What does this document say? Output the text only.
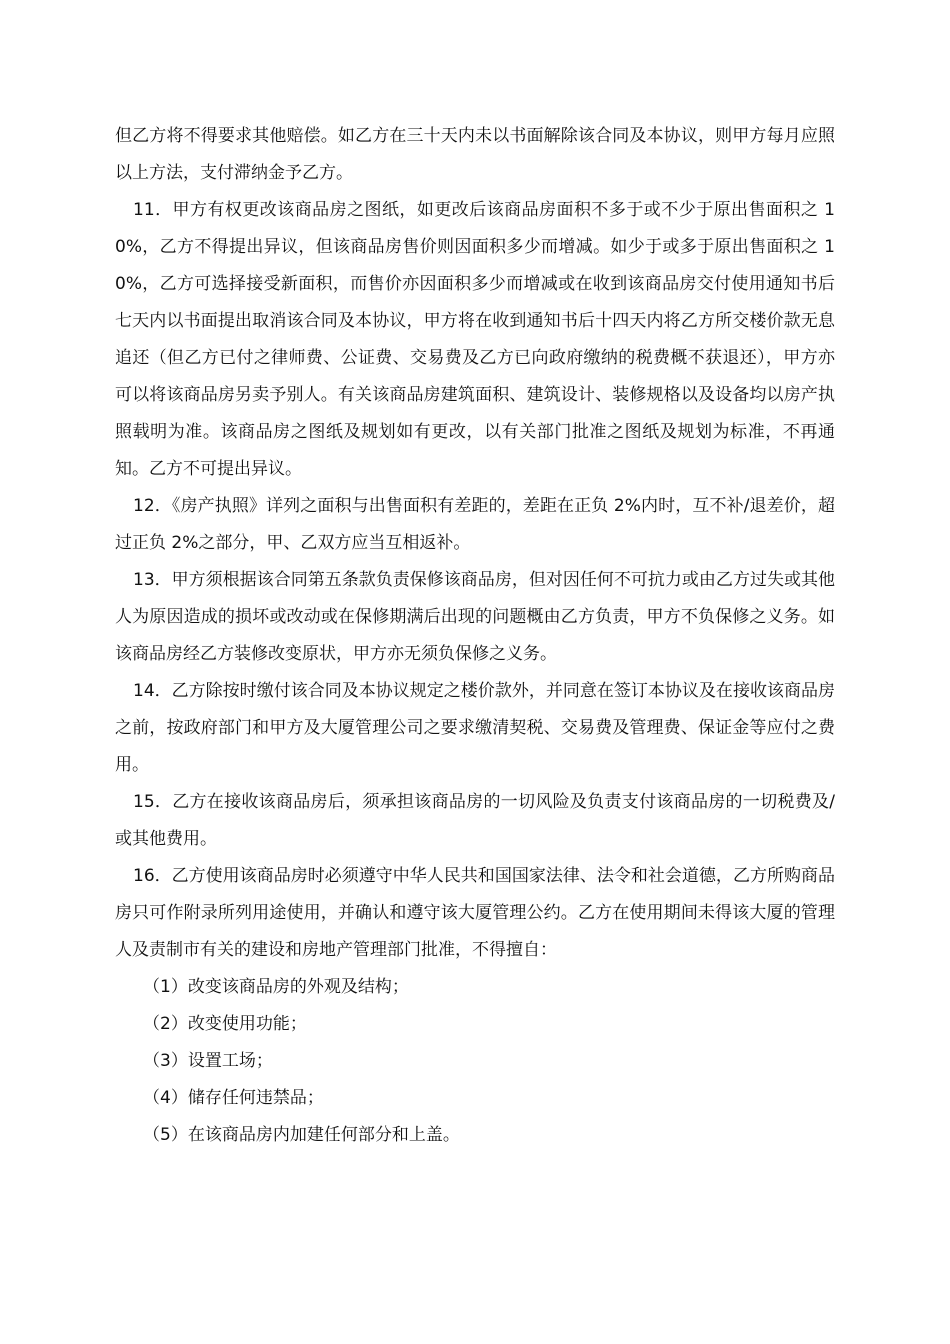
但乙方将不得要求其他赔偿。如乙方在三十天内未以书面解除该合同及本协议，则甲方每月应照以上方法，支付滞纳金予乙方。

11．甲方有权更改该商品房之图纸，如更改后该商品房面积不多于或不少于原出售面积之 10%，乙方不得提出异议，但该商品房售价则因面积多少而增减。如少于或多于原出售面积之 10%，乙方可选择接受新面积，而售价亦因面积多少而增减或在收到该商品房交付使用通知书后七天内以书面提出取消该合同及本协议，甲方将在收到通知书后十四天内将乙方所交楼价款无息追还（但乙方已付之律师费、公证费、交易费及乙方已向政府缴纳的税费概不获退还），甲方亦可以将该商品房另卖予别人。有关该商品房建筑面积、建筑设计、装修规格以及设备均以房产执照载明为准。该商品房之图纸及规划如有更改，以有关部门批准之图纸及规划为标准，不再通知。乙方不可提出异议。

12．《房产执照》详列之面积与出售面积有差距的，差距在正负 2%内时，互不补/退差价，超过正负 2%之部分，甲、乙双方应当互相返补。

13．甲方须根据该合同第五条款负责保修该商品房，但对因任何不可抗力或由乙方过失或其他人为原因造成的损坏或改动或在保修期满后出现的问题概由乙方负责，甲方不负保修之义务。如该商品房经乙方装修改变原状，甲方亦无须负保修之义务。

14．乙方除按时缴付该合同及本协议规定之楼价款外，并同意在签订本协议及在接收该商品房之前，按政府部门和甲方及大厦管理公司之要求缴清契税、交易费及管理费、保证金等应付之费用。

15．乙方在接收该商品房后，须承担该商品房的一切风险及负责支付该商品房的一切税费及/或其他费用。

16．乙方使用该商品房时必须遵守中华人民共和国国家法律、法令和社会道德，乙方所购商品房只可作附录所列用途使用，并确认和遵守该大厦管理公约。乙方在使用期间未得该大厦的管理人及责制市有关的建设和房地产管理部门批准，不得擅自：

（1）改变该商品房的外观及结构；

（2）改变使用功能；

（3）设置工场；

（4）储存任何违禁品；

（5）在该商品房内加建任何部分和上盖。
